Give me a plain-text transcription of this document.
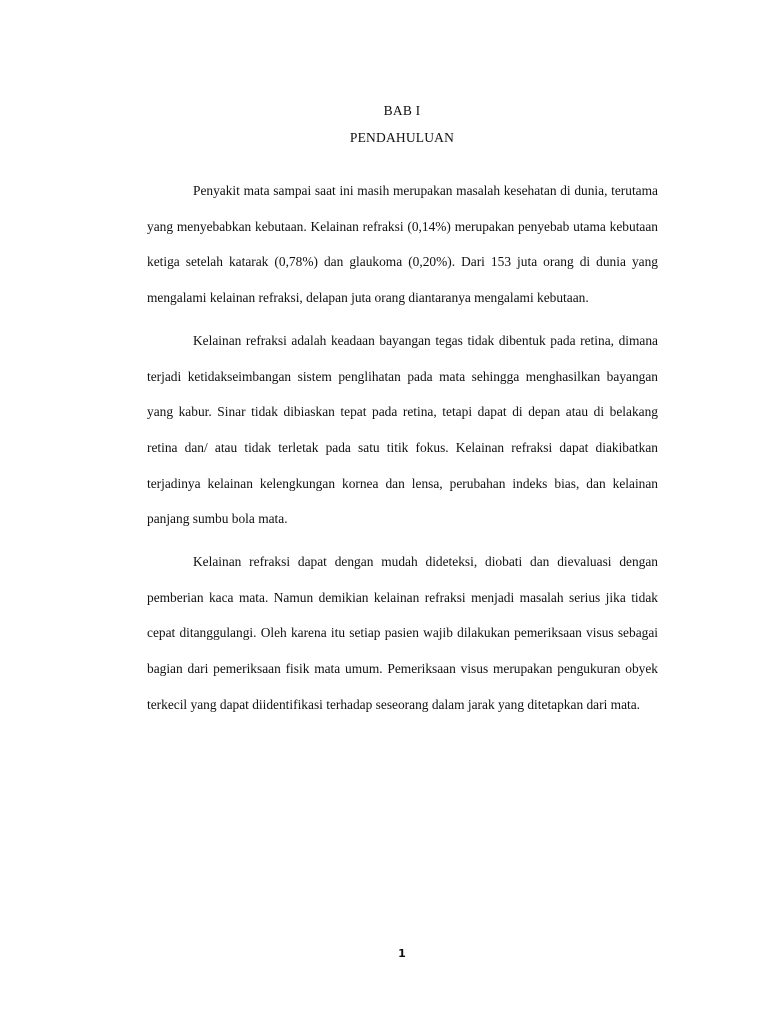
BAB I
PENDAHULUAN

Penyakit mata sampai saat ini masih merupakan masalah kesehatan di dunia, terutama yang menyebabkan kebutaan. Kelainan refraksi (0,14%) merupakan penyebab utama kebutaan ketiga setelah katarak (0,78%) dan glaukoma (0,20%). Dari 153 juta orang di dunia yang mengalami kelainan refraksi, delapan juta orang diantaranya mengalami kebutaan.

Kelainan refraksi adalah keadaan bayangan tegas tidak dibentuk pada retina, dimana terjadi ketidakseimbangan sistem penglihatan pada mata sehingga menghasilkan bayangan yang kabur. Sinar tidak dibiaskan tepat pada retina, tetapi dapat di depan atau di belakang retina dan/ atau tidak terletak pada satu titik fokus. Kelainan refraksi dapat diakibatkan terjadinya kelainan kelengkungan kornea dan lensa, perubahan indeks bias, dan kelainan panjang sumbu bola mata.

Kelainan refraksi dapat dengan mudah dideteksi, diobati dan dievaluasi dengan pemberian kaca mata. Namun demikian kelainan refraksi menjadi masalah serius jika tidak cepat ditanggulangi. Oleh karena itu setiap pasien wajib dilakukan pemeriksaan visus sebagai bagian dari pemeriksaan fisik mata umum. Pemeriksaan visus merupakan pengukuran obyek terkecil yang dapat diidentifikasi terhadap seseorang dalam jarak yang ditetapkan dari mata.

1
